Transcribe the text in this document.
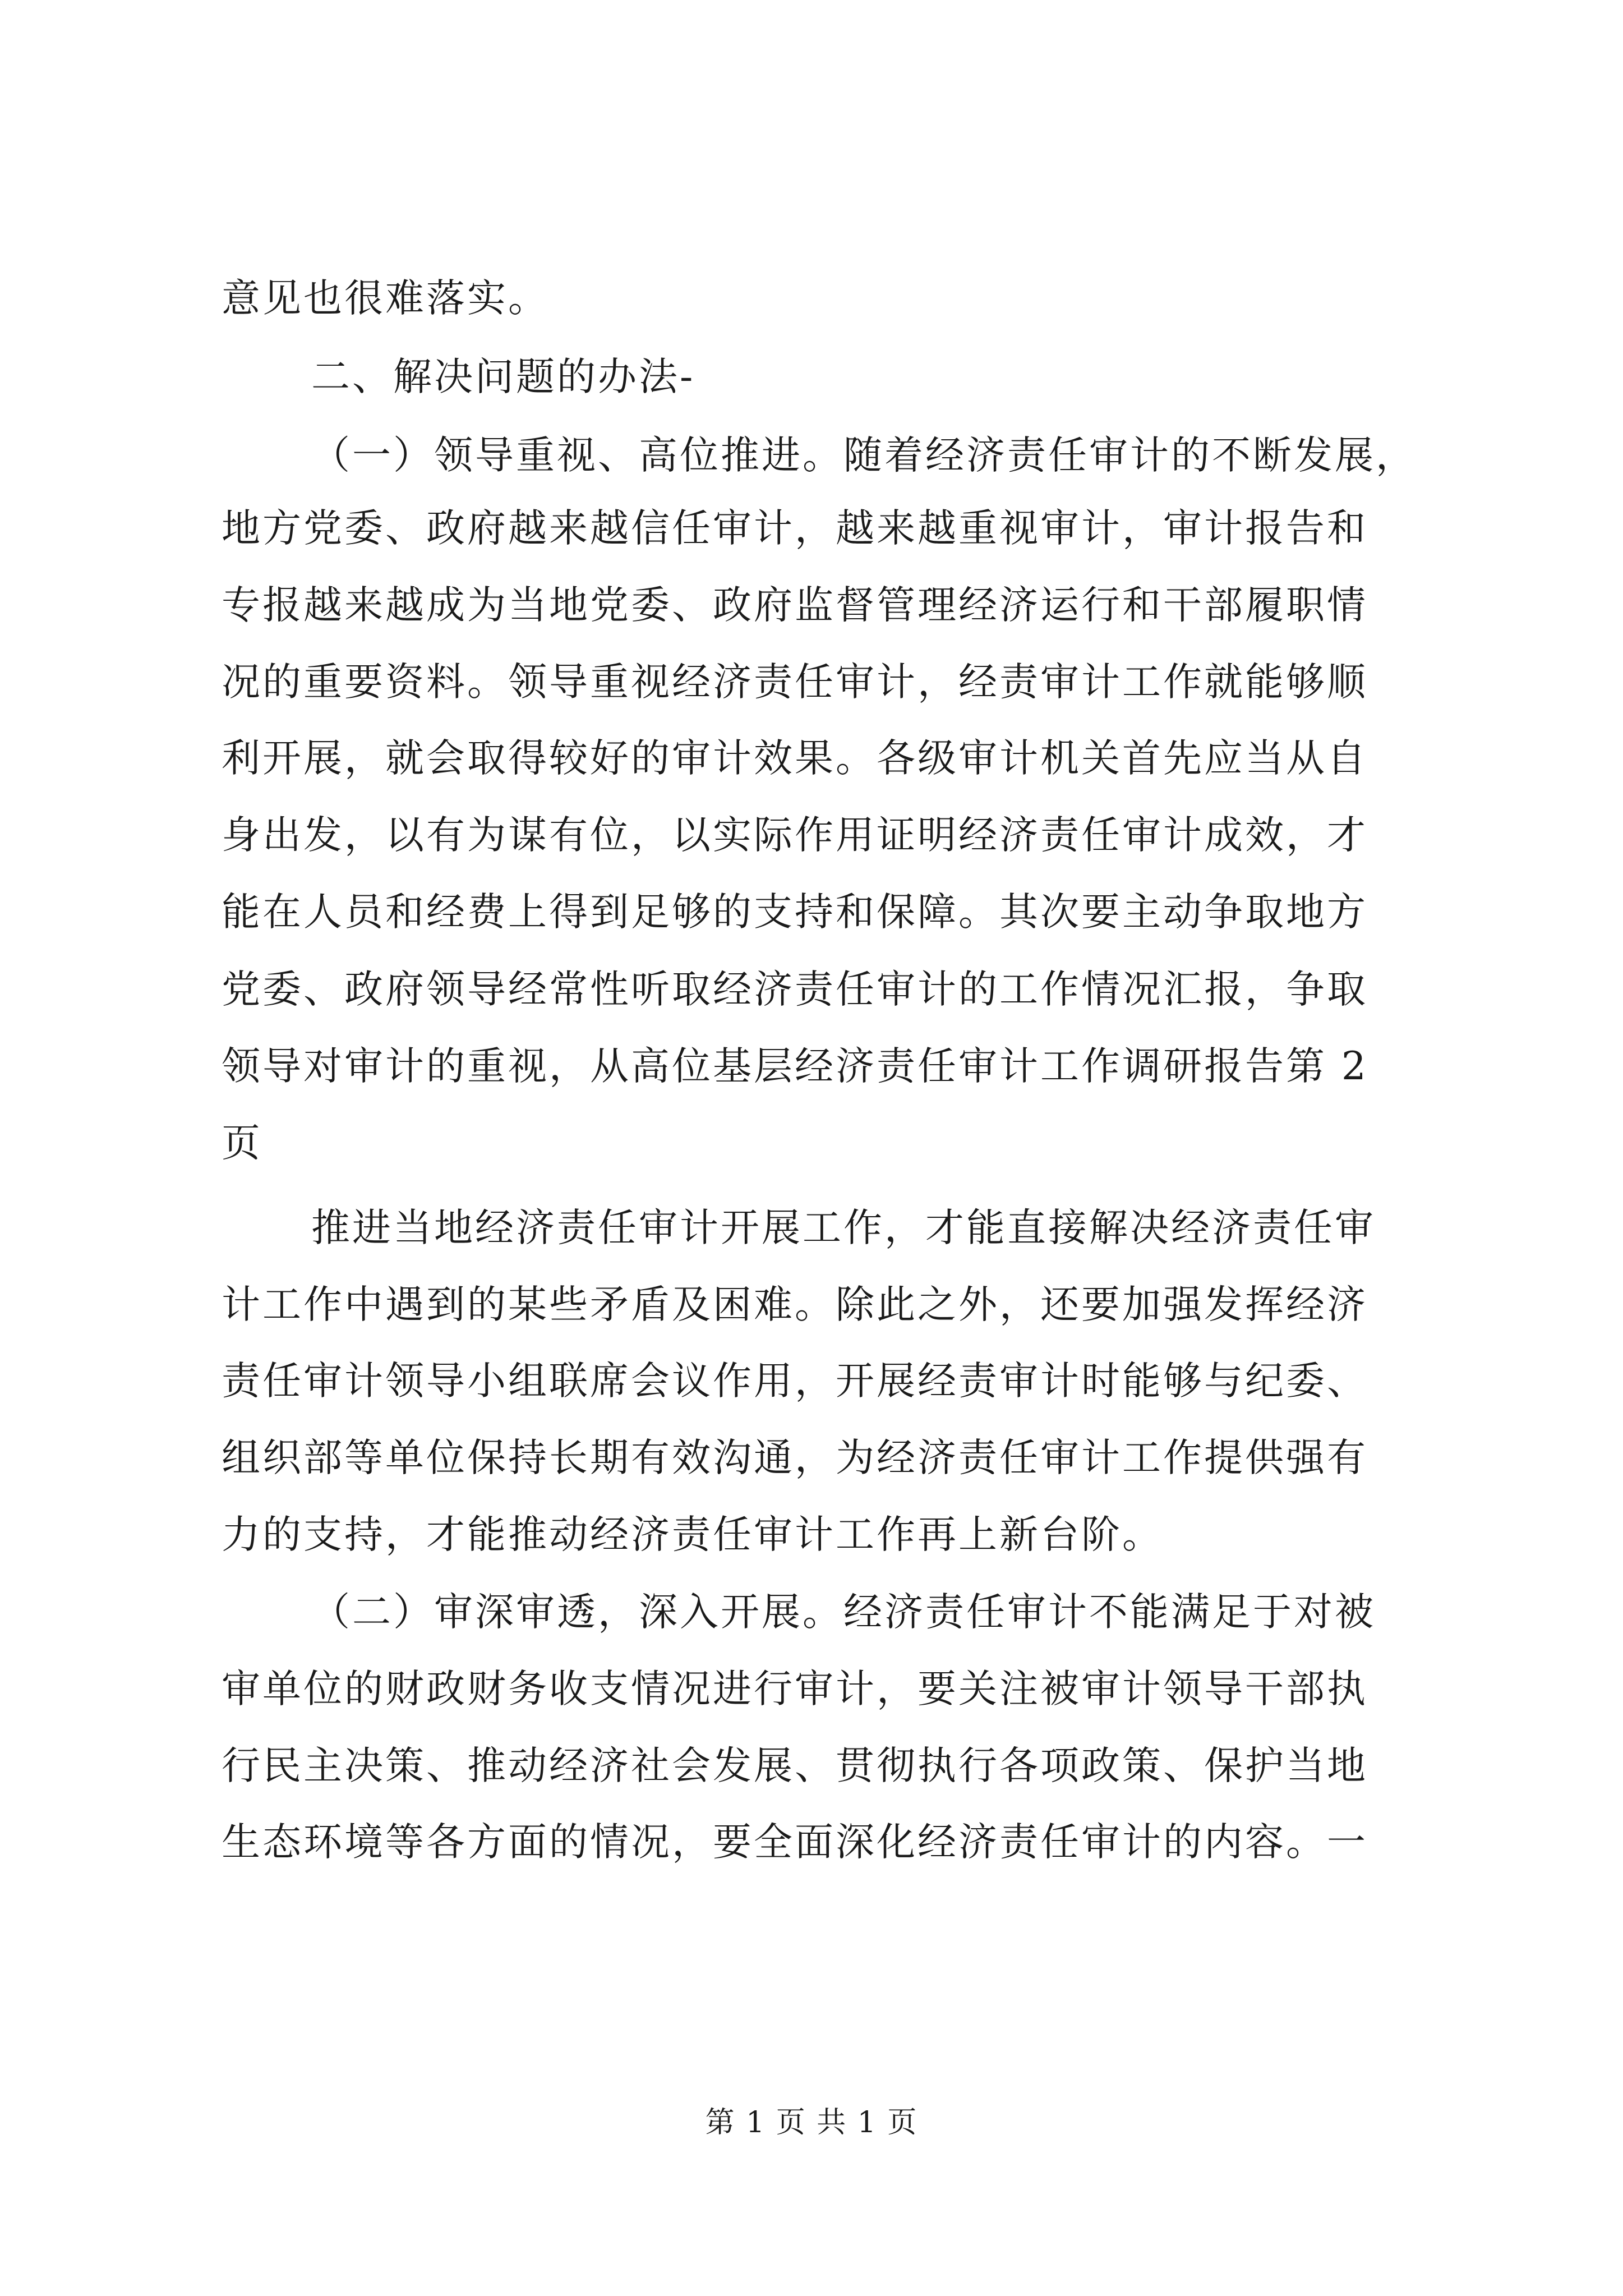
意见也很难落实。
二、解决问题的办法-
（一）领导重视、高位推进。随着经济责任审计的不断发展，
地方党委、政府越来越信任审计，越来越重视审计，审计报告和
专报越来越成为当地党委、政府监督管理经济运行和干部履职情
况的重要资料。领导重视经济责任审计，经责审计工作就能够顺
利开展，就会取得较好的审计效果。各级审计机关首先应当从自
身出发，以有为谋有位，以实际作用证明经济责任审计成效，才
能在人员和经费上得到足够的支持和保障。其次要主动争取地方
党委、政府领导经常性听取经济责任审计的工作情况汇报，争取
领导对审计的重视，从高位基层经济责任审计工作调研报告第 2
页
推进当地经济责任审计开展工作，才能直接解决经济责任审
计工作中遇到的某些矛盾及困难。除此之外，还要加强发挥经济
责任审计领导小组联席会议作用，开展经责审计时能够与纪委、
组织部等单位保持长期有效沟通，为经济责任审计工作提供强有
力的支持，才能推动经济责任审计工作再上新台阶。
（二）审深审透，深入开展。经济责任审计不能满足于对被
审单位的财政财务收支情况进行审计，要关注被审计领导干部执
行民主决策、推动经济社会发展、贯彻执行各项政策、保护当地
生态环境等各方面的情况，要全面深化经济责任审计的内容。一
第 1 页 共 1 页
